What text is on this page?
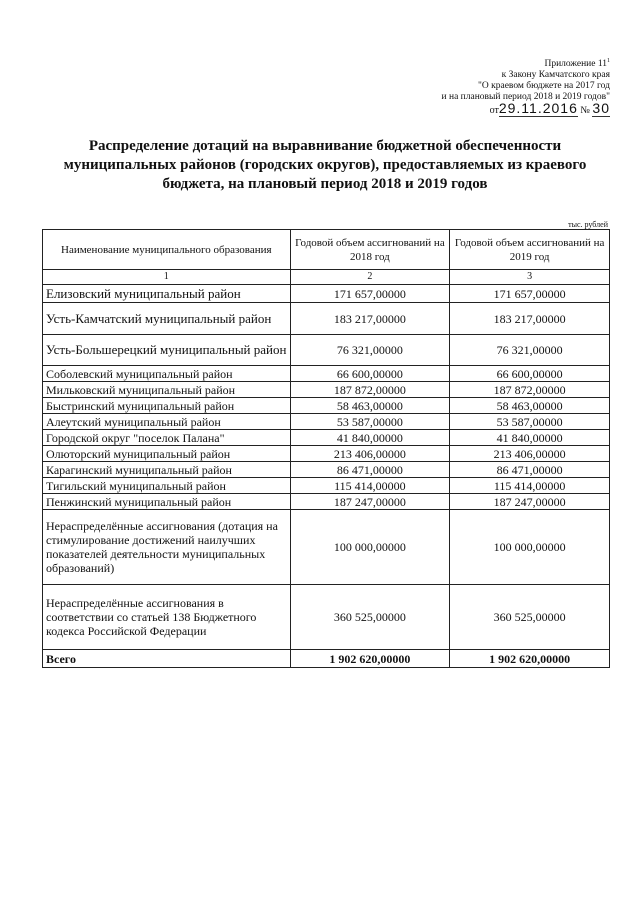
Приложение $11^1$
к Закону Камчатского края
"О краевом бюджете на 2017 год
и на плановый период 2018 и 2019 годов"
от29.11.2016 № 30
Распределение дотаций на выравнивание бюджетной обеспеченности муниципальных районов (городских округов), предоставляемых из краевого бюджета, на плановый период 2018 и 2019 годов
тыс. рублей
Наименование муниципального образования	Годовой объем ассигнований на 2018 год	Годовой объем ассигнований на 2019 год
1	2	3
Елизовский муниципальный район	171 657,00000	171 657,00000
Усть-Камчатский муниципальный район	183 217,00000	183 217,00000
Усть-Большерецкий муниципальный район	76 321,00000	76 321,00000
Соболевский муниципальный район	66 600,00000	66 600,00000
Мильковский муниципальный район	187 872,00000	187 872,00000
Быстринский муниципальный район	58 463,00000	58 463,00000
Алеутский муниципальный район	53 587,00000	53 587,00000
Городской округ "поселок Палана"	41 840,00000	41 840,00000
Олюторский муниципальный район	213 406,00000	213 406,00000
Карагинский муниципальный район	86 471,00000	86 471,00000
Тигильский муниципальный район	115 414,00000	115 414,00000
Пенжинский муниципальный район	187 247,00000	187 247,00000
Нераспределённые ассигнования (дотация на стимулирование достижений наилучших показателей деятельности муниципальных образований)	100 000,00000	100 000,00000
Нераспределённые ассигнования в соответствии со статьей 138 Бюджетного кодекса Российской Федерации	360 525,00000	360 525,00000
Всего	1 902 620,00000	1 902 620,00000
